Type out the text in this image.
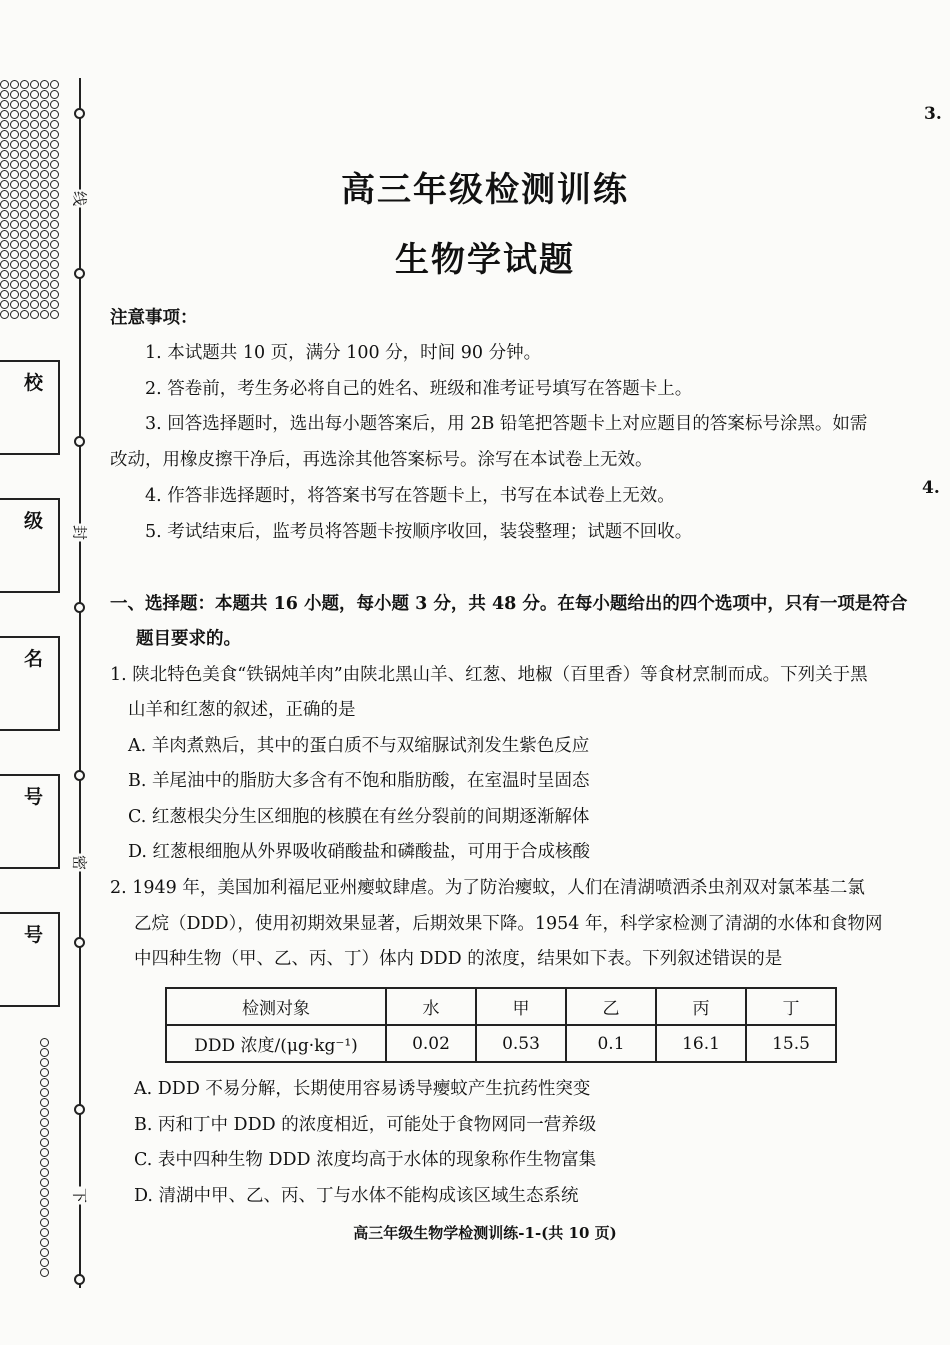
线
封
密
下
校
级
名
号
号
3.
4.
高三年级检测训练
生物学试题
注意事项：
1. 本试题共 10 页，满分 100 分，时间 90 分钟。
2. 答卷前，考生务必将自己的姓名、班级和准考证号填写在答题卡上。
3. 回答选择题时，选出每小题答案后，用 2B 铅笔把答题卡上对应题目的答案标号涂黑。如需
改动，用橡皮擦干净后，再选涂其他答案标号。涂写在本试卷上无效。
4. 作答非选择题时，将答案书写在答题卡上，书写在本试卷上无效。
5. 考试结束后，监考员将答题卡按顺序收回，装袋整理；试题不回收。
一、选择题：本题共 16 小题，每小题 3 分，共 48 分。在每小题给出的四个选项中，只有一项是符合
题目要求的。
1. 陕北特色美食“铁锅炖羊肉”由陕北黑山羊、红葱、地椒（百里香）等食材烹制而成。下列关于黑
山羊和红葱的叙述，正确的是
A. 羊肉煮熟后，其中的蛋白质不与双缩脲试剂发生紫色反应
B. 羊尾油中的脂肪大多含有不饱和脂肪酸，在室温时呈固态
C. 红葱根尖分生区细胞的核膜在有丝分裂前的间期逐渐解体
D. 红葱根细胞从外界吸收硝酸盐和磷酸盐，可用于合成核酸
2. 1949 年，美国加利福尼亚州瘿蚊肆虐。为了防治瘿蚊，人们在清湖喷洒杀虫剂双对氯苯基二氯
乙烷（DDD），使用初期效果显著，后期效果下降。1954 年，科学家检测了清湖的水体和食物网
中四种生物（甲、乙、丙、丁）体内 DDD 的浓度，结果如下表。下列叙述错误的是
检测对象	水	甲	乙	丙	丁
DDD 浓度/(μg·kg⁻¹)	0.02	0.53	0.1	16.1	15.5
A. DDD 不易分解，长期使用容易诱导瘿蚊产生抗药性突变
B. 丙和丁中 DDD 的浓度相近，可能处于食物网同一营养级
C. 表中四种生物 DDD 浓度均高于水体的现象称作生物富集
D. 清湖中甲、乙、丙、丁与水体不能构成该区域生态系统
高三年级生物学检测训练-1-(共 10 页)
